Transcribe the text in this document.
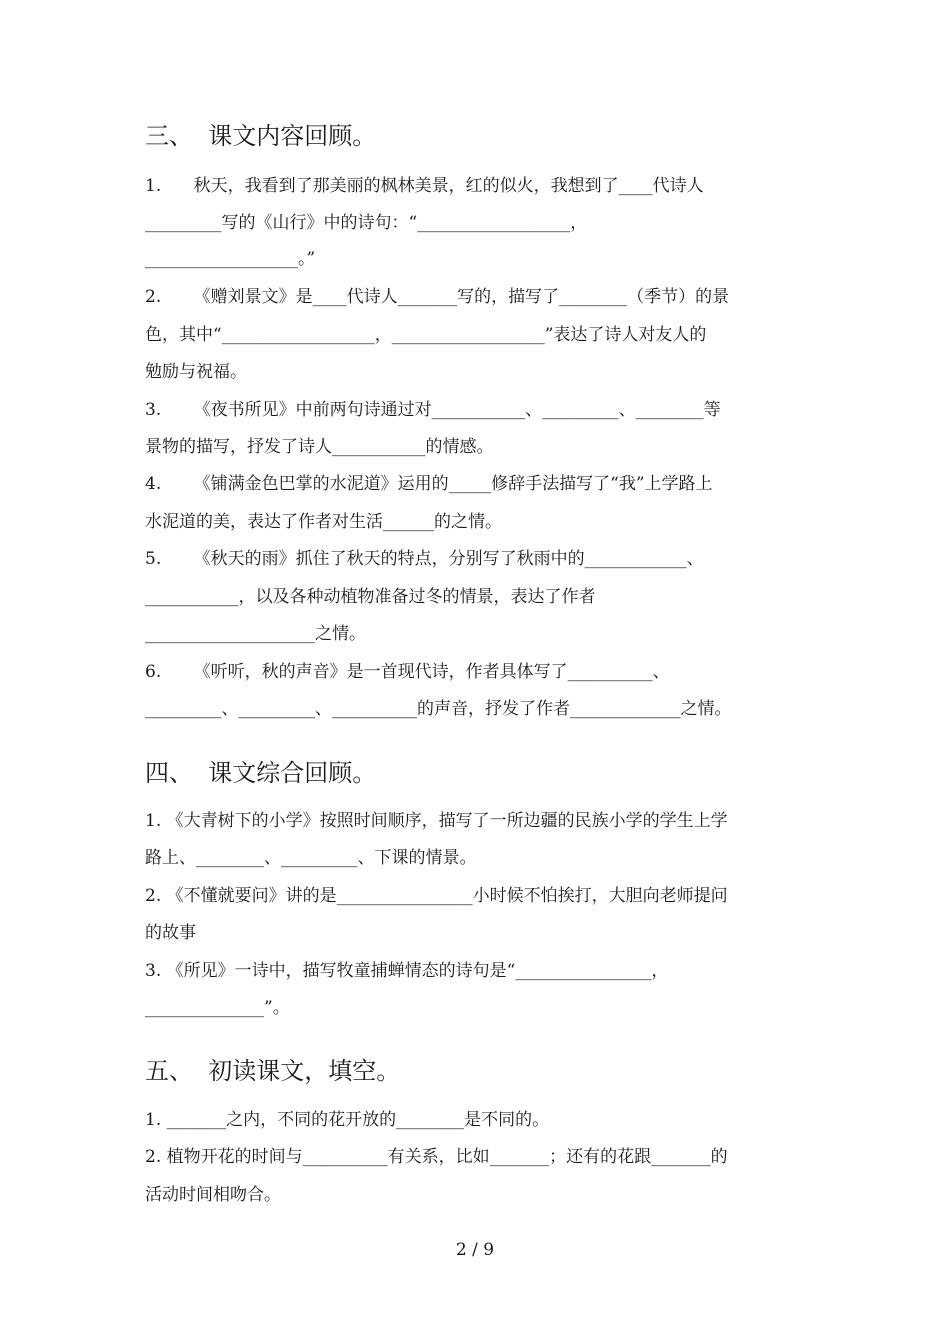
三、  课文内容回顾。
1.      秋天，我看到了那美丽的枫林美景，红的似火，我想到了____代诗人
_________写的《山行》中的诗句：“__________________，
__________________。”
2.      《赠刘景文》是____代诗人_______写的，描写了________（季节）的景
色，其中“__________________，__________________”表达了诗人对友人的
勉励与祝福。
3.      《夜书所见》中前两句诗通过对___________、_________、________等
景物的描写，抒发了诗人___________的情感。
4.      《铺满金色巴掌的水泥道》运用的_____修辞手法描写了“我”上学路上
水泥道的美，表达了作者对生活______的之情。
5.      《秋天的雨》抓住了秋天的特点，分别写了秋雨中的____________、
___________，以及各种动植物准备过冬的情景，表达了作者
____________________之情。
6.      《听听，秋的声音》是一首现代诗，作者具体写了__________、
_________、_________、__________的声音，抒发了作者_____________之情。
四、  课文综合回顾。
1. 《大青树下的小学》按照时间顺序，描写了一所边疆的民族小学的学生上学
路上、________、_________、下课的情景。
2. 《不懂就要问》讲的是________________小时候不怕挨打，大胆向老师提问
的故事
3. 《所见》一诗中，描写牧童捕蝉情态的诗句是“________________，
______________”。
五、  初读课文，填空。
1. _______之内，不同的花开放的________是不同的。
2. 植物开花的时间与__________有关系，比如_______；还有的花跟_______的
活动时间相吻合。
2 / 9
